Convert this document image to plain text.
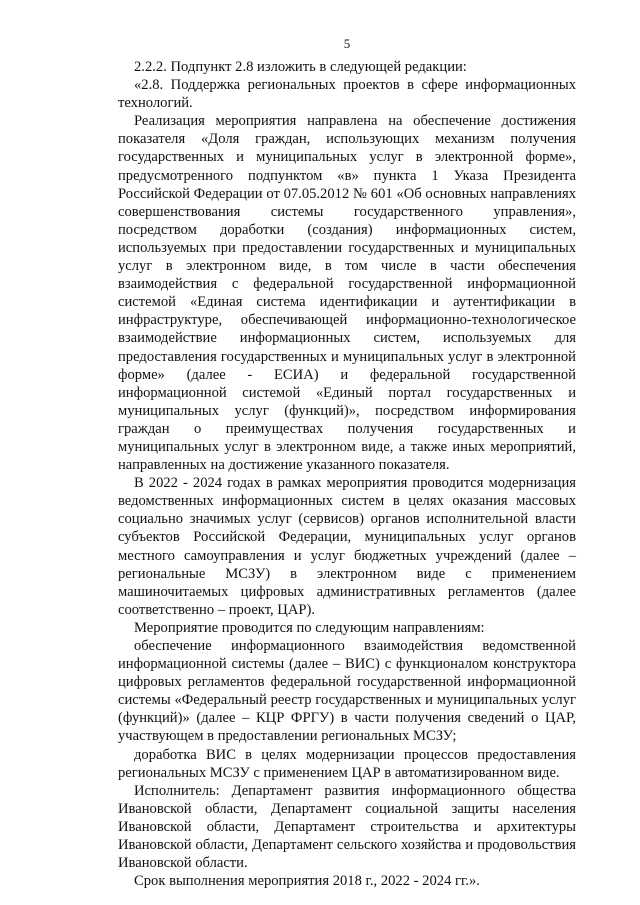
5

2.2.2. Подпункт 2.8 изложить в следующей редакции:

«2.8. Поддержка региональных проектов в сфере информационных технологий.

Реализация мероприятия направлена на обеспечение достижения показателя «Доля граждан, использующих механизм получения государственных и муниципальных услуг в электронной форме», предусмотренного подпунктом «в» пункта 1 Указа Президента Российской Федерации от 07.05.2012 № 601 «Об основных направлениях совершенствования системы государственного управления», посредством доработки (создания) информационных систем, используемых при предоставлении государственных и муниципальных услуг в электронном виде, в том числе в части обеспечения взаимодействия с федеральной государственной информационной системой «Единая система идентификации и аутентификации в инфраструктуре, обеспечивающей информационно-технологическое взаимодействие информационных систем, используемых для предоставления государственных и муниципальных услуг в электронной форме» (далее - ЕСИА) и федеральной государственной информационной системой «Единый портал государственных и муниципальных услуг (функций)», посредством информирования граждан о преимуществах получения государственных и муниципальных услуг в электронном виде, а также иных мероприятий, направленных на достижение указанного показателя.

В 2022 - 2024 годах в рамках мероприятия проводится модернизация ведомственных информационных систем в целях оказания массовых социально значимых услуг (сервисов) органов исполнительной власти субъектов Российской Федерации, муниципальных услуг органов местного самоуправления и услуг бюджетных учреждений (далее – региональные МСЗУ) в электронном виде с применением машиночитаемых цифровых административных регламентов (далее соответственно – проект, ЦАР).

Мероприятие проводится по следующим направлениям:

обеспечение информационного взаимодействия ведомственной информационной системы (далее – ВИС) с функционалом конструктора цифровых регламентов федеральной государственной информационной системы «Федеральный реестр государственных и муниципальных услуг (функций)» (далее – КЦР ФРГУ) в части получения сведений о ЦАР, участвующем в предоставлении региональных МСЗУ;

доработка ВИС в целях модернизации процессов предоставления региональных МСЗУ с применением ЦАР в автоматизированном виде.

Исполнитель: Департамент развития информационного общества Ивановской области, Департамент социальной защиты населения Ивановской области, Департамент строительства и архитектуры Ивановской области, Департамент сельского хозяйства и продовольствия Ивановской области.

Срок выполнения мероприятия 2018 г., 2022 - 2024 гг.».
